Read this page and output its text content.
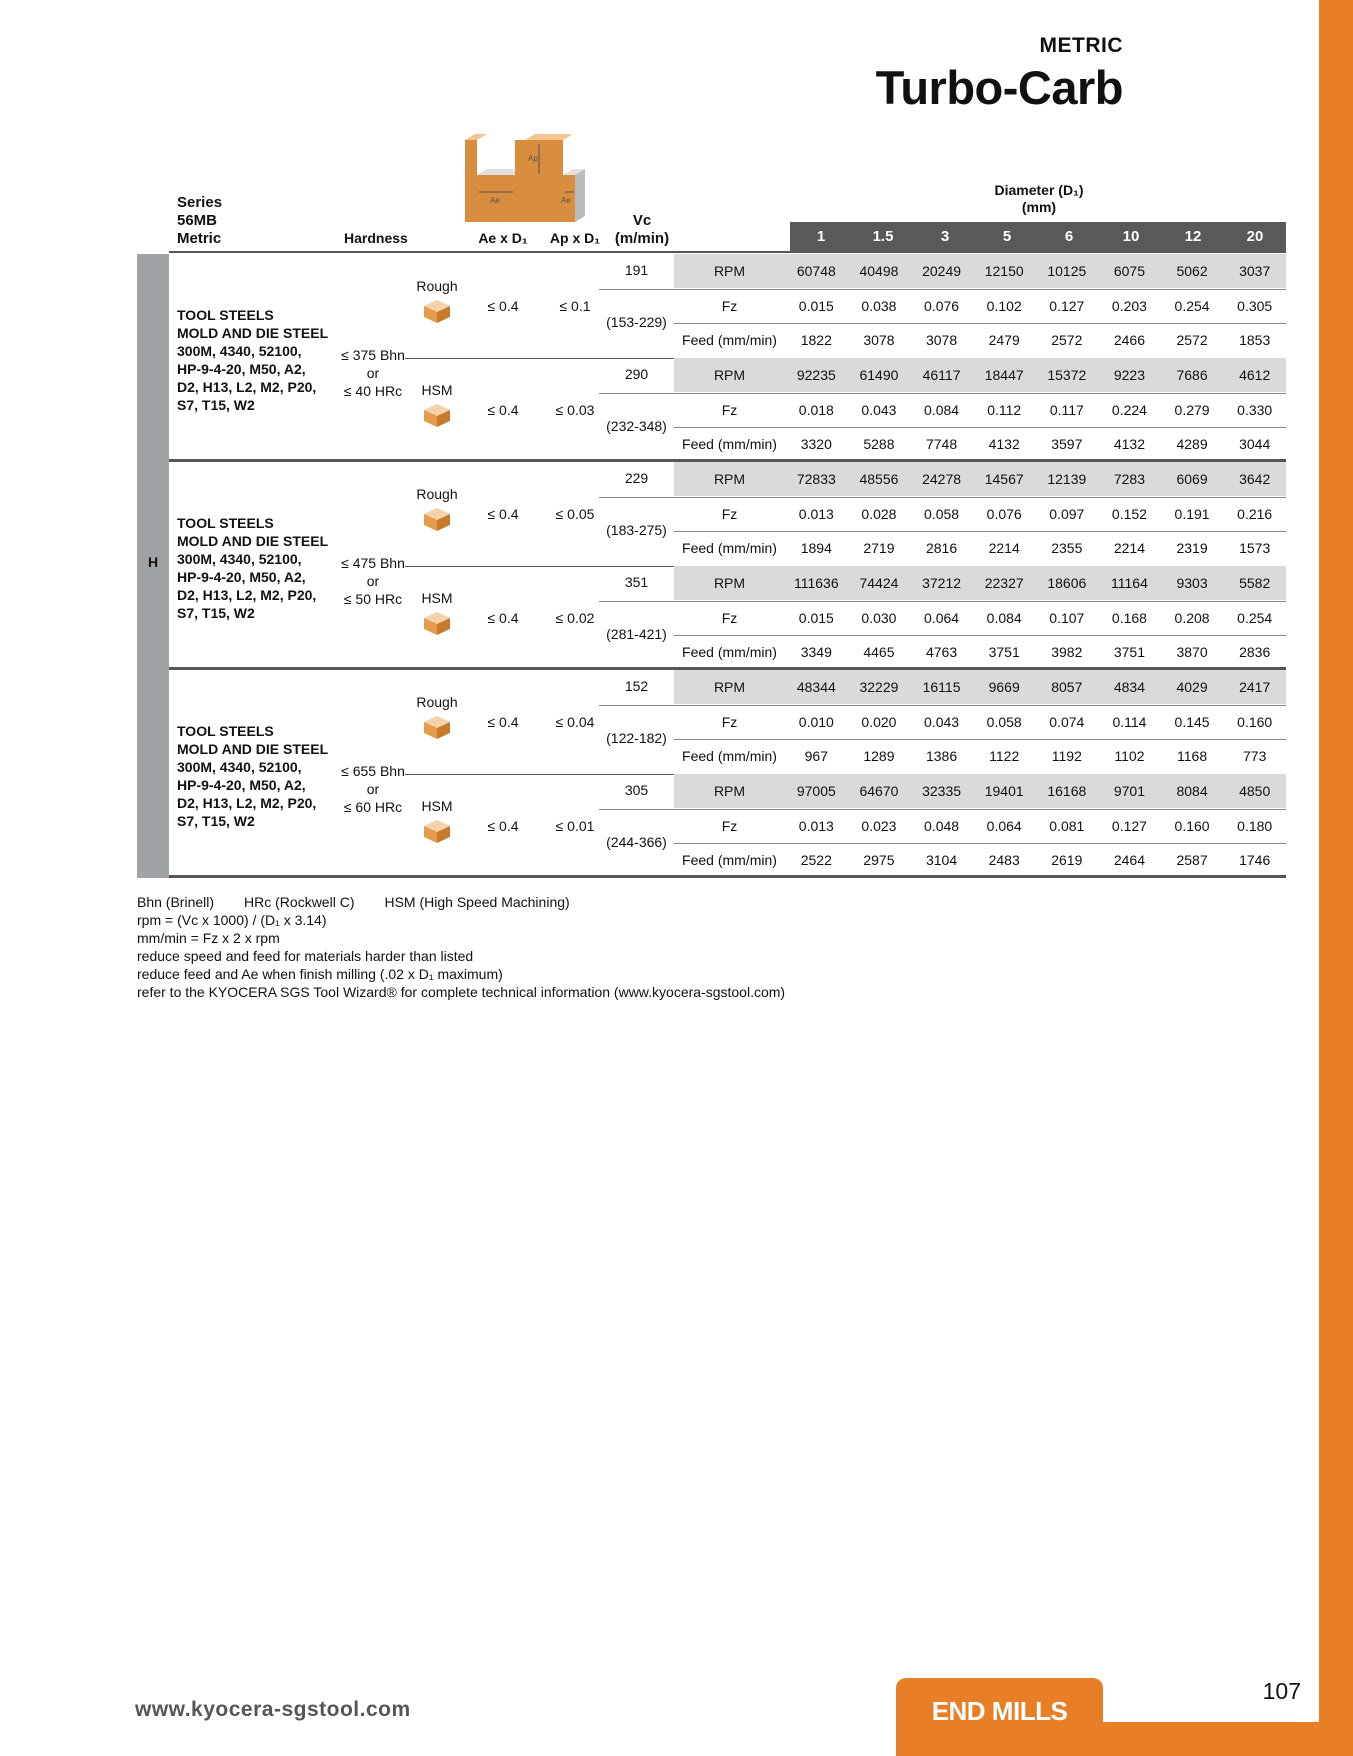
METRIC
Turbo-Carb
Ap
Ae	Ae
Series
56MB
Metric	Hardness	Ae x D₁	Ap x D₁
Vc
(m/min)
Diameter (D₁)
(mm)
1	1.5	3	5	6	10	12	20
H
TOOL STEELS
MOLD AND DIE STEEL
300M, 4340, 52100,
HP-9-4-20, M50, A2,
D2, H13, L2, M2, P20,
S7, T15, W2
≤ 375 Bhn
or
≤ 40 HRc
Rough
≤ 0.4	≤ 0.1
191
(153-229)
RPM	60748	40498	20249	12150	10125	6075	5062	3037
Fz	0.015	0.038	0.076	0.102	0.127	0.203	0.254	0.305
Feed (mm/min)	1822	3078	3078	2479	2572	2466	2572	1853
HSM
≤ 0.4	≤ 0.03
290
(232-348)
RPM	92235	61490	46117	18447	15372	9223	7686	4612
Fz	0.018	0.043	0.084	0.112	0.117	0.224	0.279	0.330
Feed (mm/min)	3320	5288	7748	4132	3597	4132	4289	3044
TOOL STEELS
MOLD AND DIE STEEL
300M, 4340, 52100,
HP-9-4-20, M50, A2,
D2, H13, L2, M2, P20,
S7, T15, W2
≤ 475 Bhn
or
≤ 50 HRc
Rough
≤ 0.4	≤ 0.05
229
(183-275)
RPM	72833	48556	24278	14567	12139	7283	6069	3642
Fz	0.013	0.028	0.058	0.076	0.097	0.152	0.191	0.216
Feed (mm/min)	1894	2719	2816	2214	2355	2214	2319	1573
HSM
≤ 0.4	≤ 0.02
351
(281-421)
RPM	111636	74424	37212	22327	18606	11164	9303	5582
Fz	0.015	0.030	0.064	0.084	0.107	0.168	0.208	0.254
Feed (mm/min)	3349	4465	4763	3751	3982	3751	3870	2836
TOOL STEELS
MOLD AND DIE STEEL
300M, 4340, 52100,
HP-9-4-20, M50, A2,
D2, H13, L2, M2, P20,
S7, T15, W2
≤ 655 Bhn
or
≤ 60 HRc
Rough
≤ 0.4	≤ 0.04
152
(122-182)
RPM	48344	32229	16115	9669	8057	4834	4029	2417
Fz	0.010	0.020	0.043	0.058	0.074	0.114	0.145	0.160
Feed (mm/min)	967	1289	1386	1122	1192	1102	1168	773
HSM
≤ 0.4	≤ 0.01
305
(244-366)
RPM	97005	64670	32335	19401	16168	9701	8084	4850
Fz	0.013	0.023	0.048	0.064	0.081	0.127	0.160	0.180
Feed (mm/min)	2522	2975	3104	2483	2619	2464	2587	1746
Bhn (Brinell) HRc (Rockwell C) HSM (High Speed Machining)
rpm = (Vc x 1000) / (D₁ x 3.14)
mm/min = Fz x 2 x rpm
reduce speed and feed for materials harder than listed
reduce feed and Ae when finish milling (.02 x D₁ maximum)
refer to the KYOCERA SGS Tool Wizard® for complete technical information (www.kyocera-sgstool.com)
www.kyocera-sgstool.com	END MILLS
107
